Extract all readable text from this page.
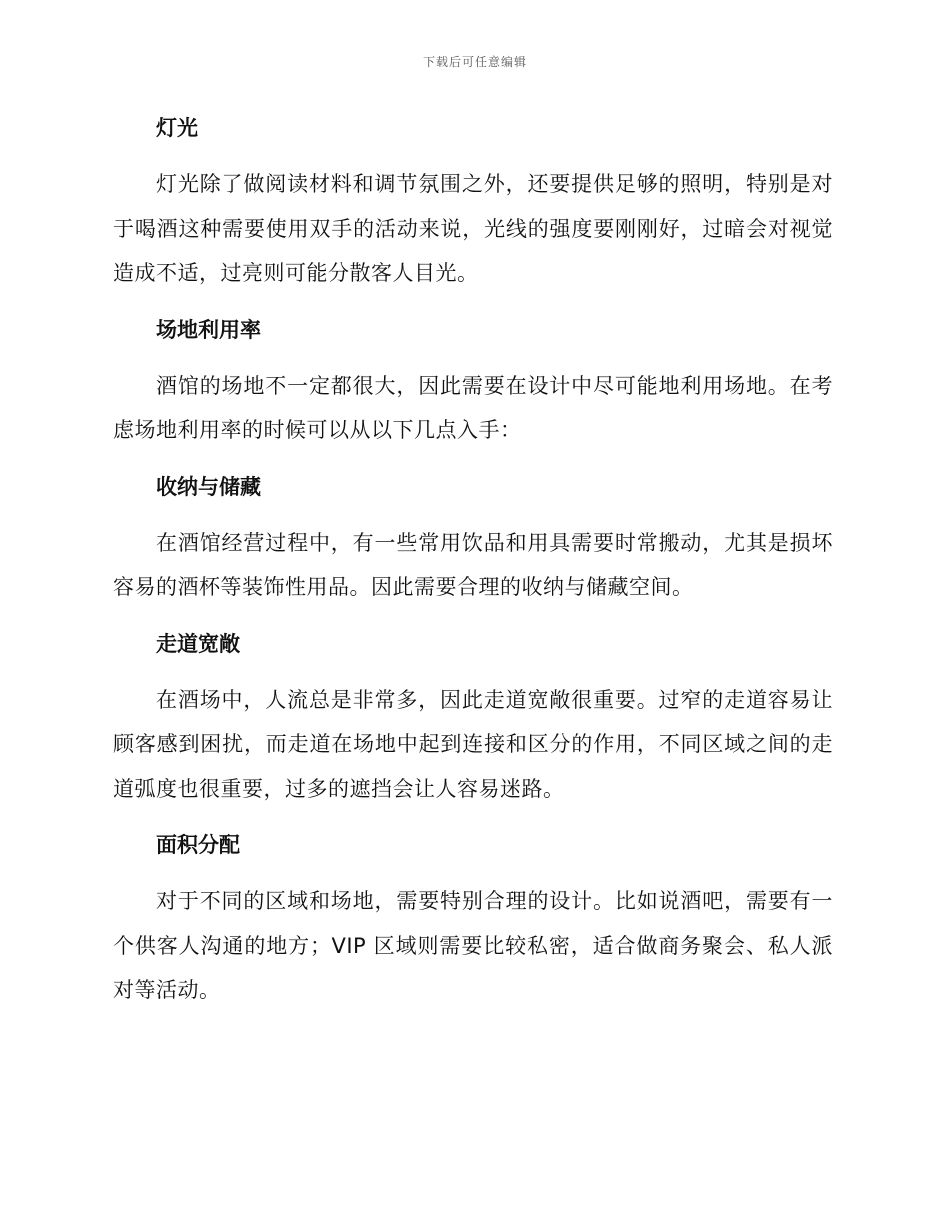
下载后可任意编辑
灯光

灯光除了做阅读材料和调节氛围之外，还要提供足够的照明，特别是对于喝酒这种需要使用双手的活动来说，光线的强度要刚刚好，过暗会对视觉造成不适，过亮则可能分散客人目光。

场地利用率

酒馆的场地不一定都很大，因此需要在设计中尽可能地利用场地。在考虑场地利用率的时候可以从以下几点入手：

收纳与储藏

在酒馆经营过程中，有一些常用饮品和用具需要时常搬动，尤其是损坏容易的酒杯等装饰性用品。因此需要合理的收纳与储藏空间。

走道宽敞

在酒场中，人流总是非常多，因此走道宽敞很重要。过窄的走道容易让顾客感到困扰，而走道在场地中起到连接和区分的作用，不同区域之间的走道弧度也很重要，过多的遮挡会让人容易迷路。

面积分配

对于不同的区域和场地，需要特别合理的设计。比如说酒吧，需要有一个供客人沟通的地方；VIP 区域则需要比较私密，适合做商务聚会、私人派对等活动。
